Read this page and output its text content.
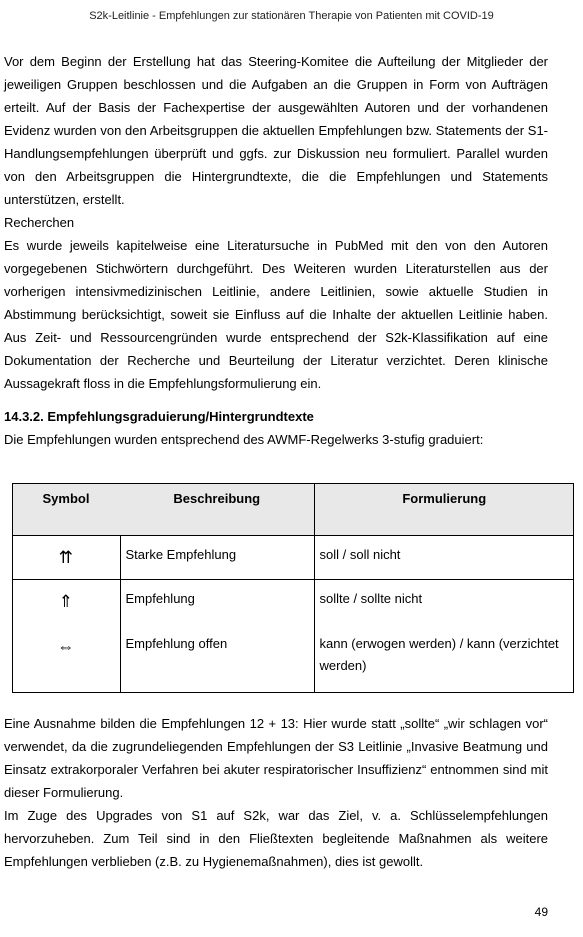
S2k-Leitlinie - Empfehlungen zur stationären Therapie von Patienten mit COVID-19

Vor dem Beginn der Erstellung hat das Steering-Komitee die Aufteilung der Mitglieder der jeweiligen Gruppen beschlossen und die Aufgaben an die Gruppen in Form von Aufträgen erteilt. Auf der Basis der Fachexpertise der ausgewählten Autoren und der vorhandenen Evidenz wurden von den Arbeitsgruppen die aktuellen Empfehlungen bzw. Statements der S1-Handlungsempfehlungen überprüft und ggfs. zur Diskussion neu formuliert. Parallel wurden von den Arbeitsgruppen die Hintergrundtexte, die die Empfehlungen und Statements unterstützen, erstellt.

Recherchen

Es wurde jeweils kapitelweise eine Literatursuche in PubMed mit den von den Autoren vorgegebenen Stichwörtern durchgeführt. Des Weiteren wurden Literaturstellen aus der vorherigen intensivmedizinischen Leitlinie, andere Leitlinien, sowie aktuelle Studien in Abstimmung berücksichtigt, soweit sie Einfluss auf die Inhalte der aktuellen Leitlinie haben. Aus Zeit- und Ressourcengründen wurde entsprechend der S2k-Klassifikation auf eine Dokumentation der Recherche und Beurteilung der Literatur verzichtet. Deren klinische Aussagekraft floss in die Empfehlungsformulierung ein.

14.3.2. Empfehlungsgraduierung/Hintergrundtexte

Die Empfehlungen wurden entsprechend des AWMF-Regelwerks 3-stufig graduiert:

Symbol	Beschreibung	Formulierung

⇈	Starke Empfehlung	soll / soll nicht

⇑	Empfehlung	sollte / sollte nicht

⇔	Empfehlung offen	kann (erwogen werden) / kann (verzichtet werden)

Eine Ausnahme bilden die Empfehlungen 12 + 13: Hier wurde statt „sollte“ „wir schlagen vor“ verwendet, da die zugrundeliegenden Empfehlungen der S3 Leitlinie „Invasive Beatmung und Einsatz extrakorporaler Verfahren bei akuter respiratorischer Insuffizienz“ entnommen sind mit dieser Formulierung.

Im Zuge des Upgrades von S1 auf S2k, war das Ziel, v. a. Schlüsselempfehlungen hervorzuheben. Zum Teil sind in den Fließtexten begleitende Maßnahmen als weitere Empfehlungen verblieben (z.B. zu Hygienemaßnahmen), dies ist gewollt.

49
